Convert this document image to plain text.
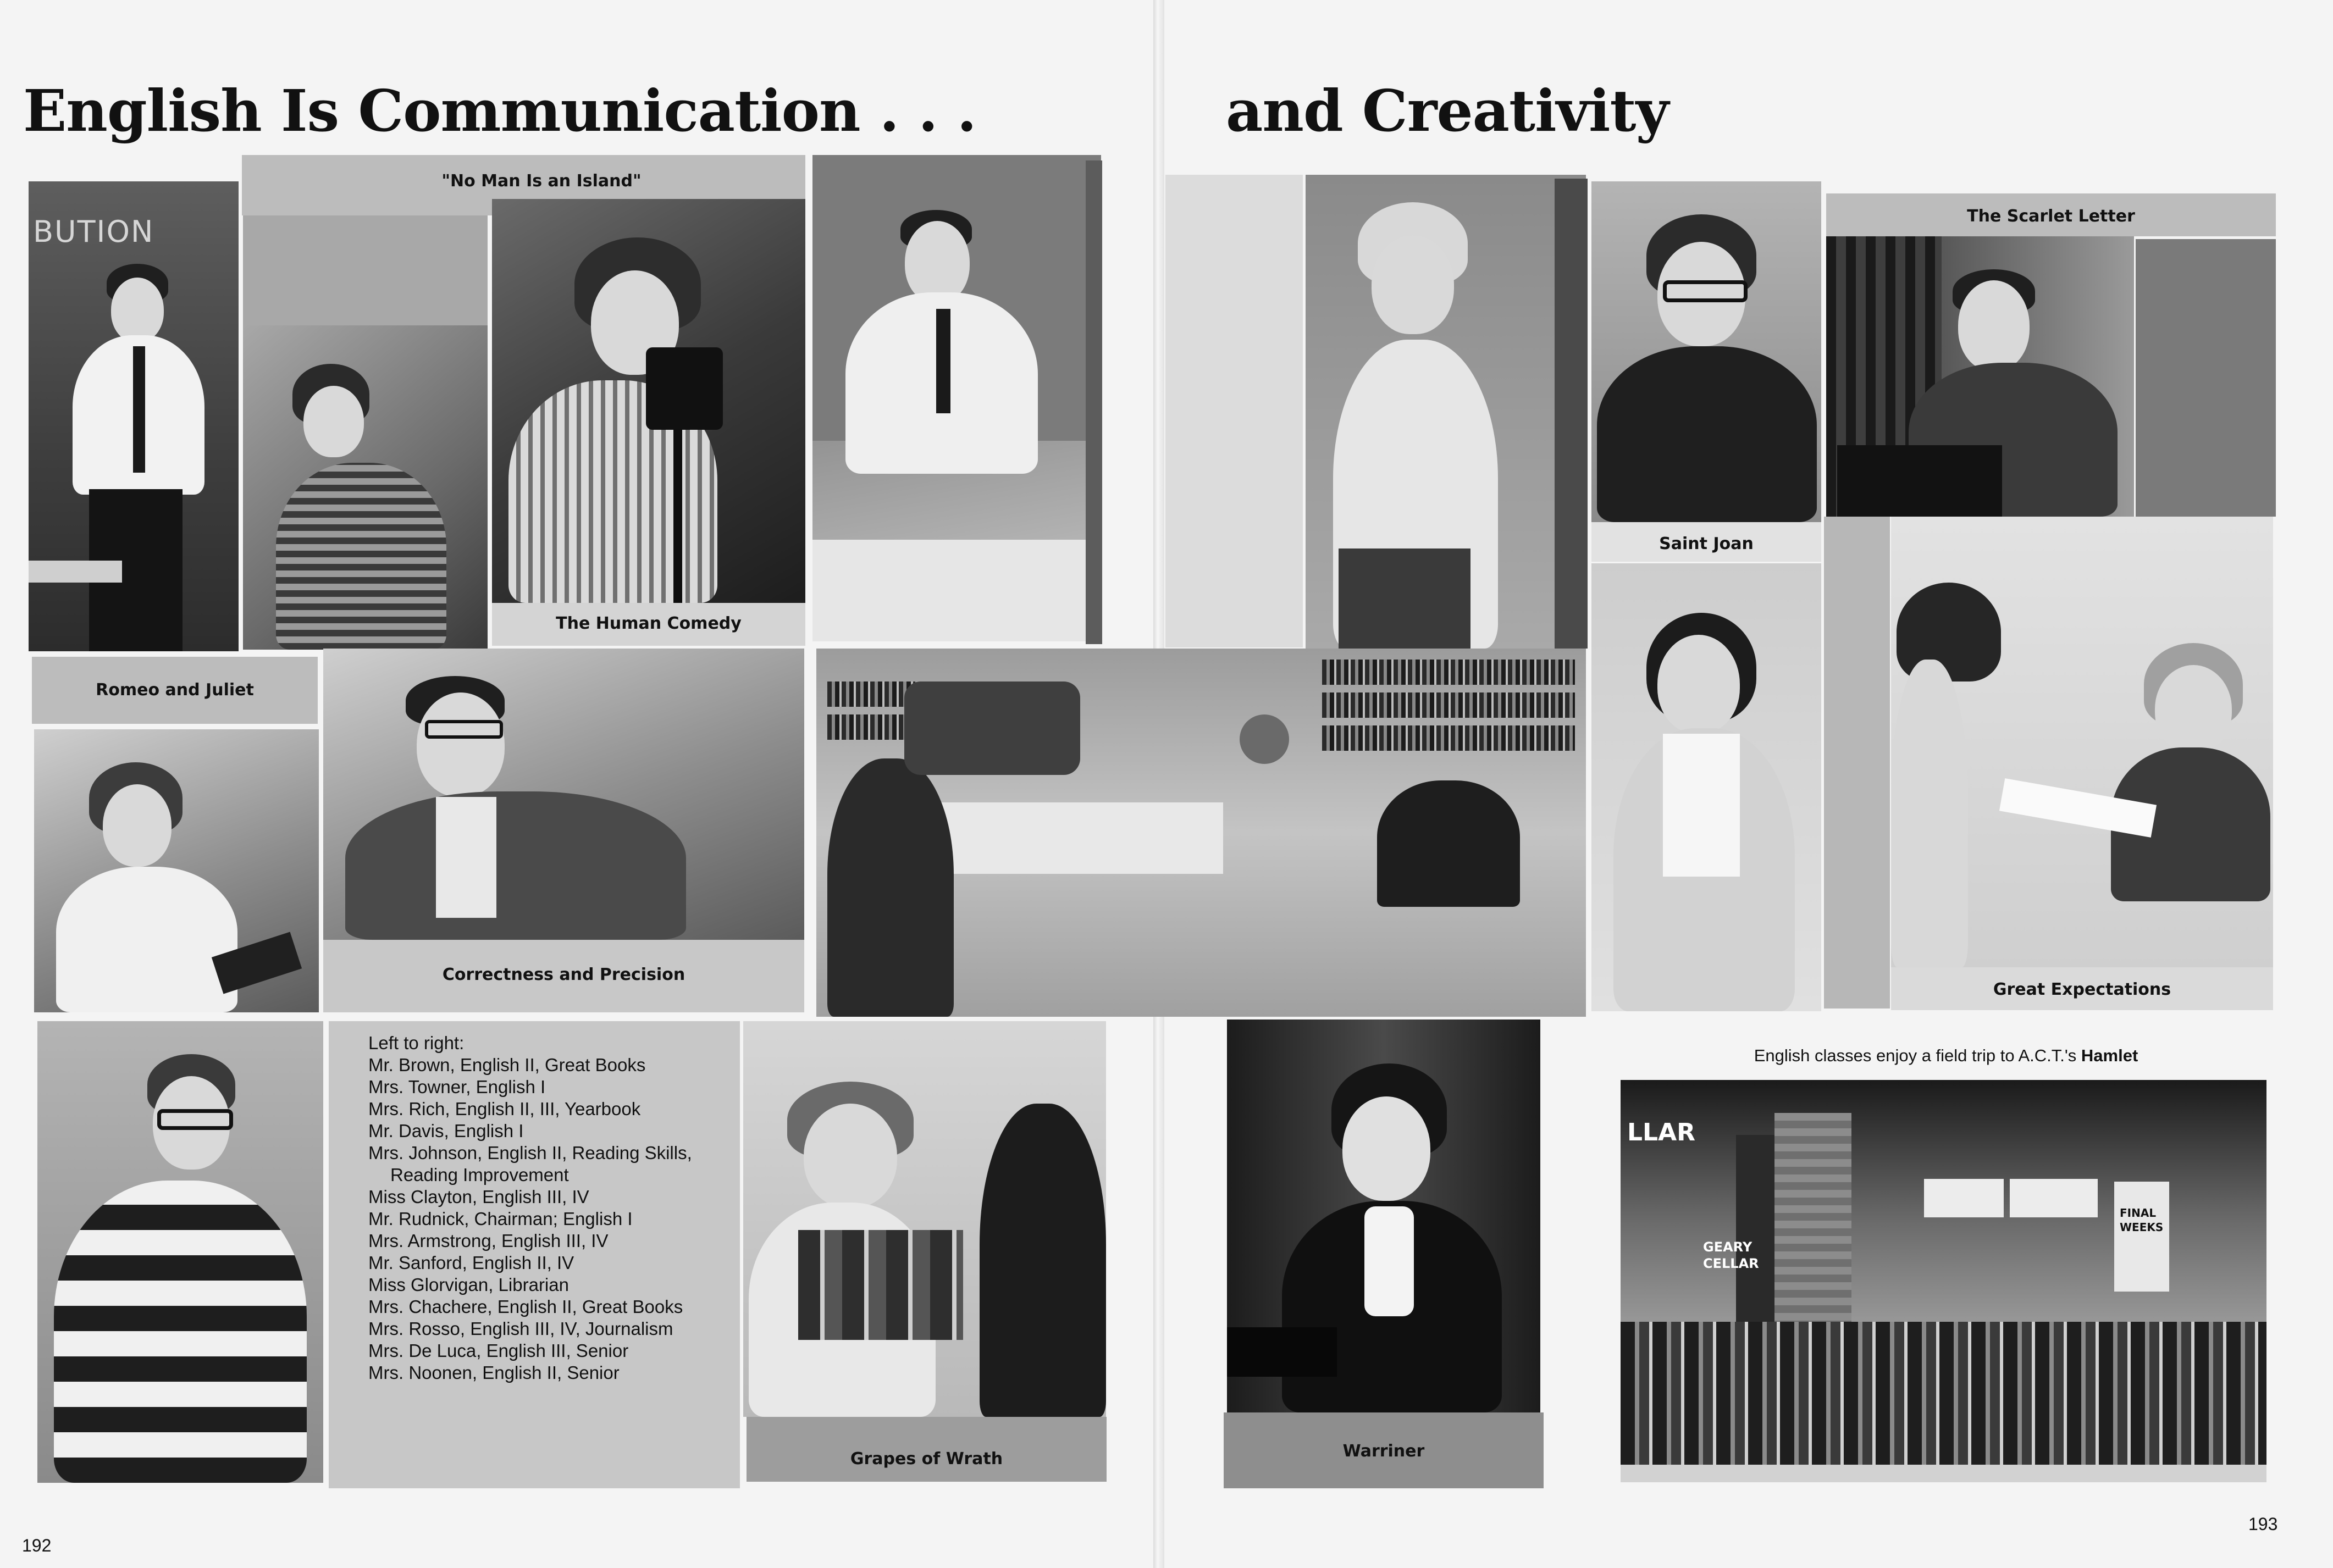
English Is Communication . . .
BUTION
"No Man Is an Island"
The Human Comedy
Romeo and Juliet
Correctness and Precision
Left to right:
Mr. Brown, English II, Great Books
Mrs. Towner, English I
Mrs. Rich, English II, III, Yearbook
Mr. Davis, English I
Mrs. Johnson, English II, Reading Skills,
Reading Improvement
Miss Clayton, English III, IV
Mr. Rudnick, Chairman; English I
Mrs. Armstrong, English III, IV
Mr. Sanford, English II, IV
Miss Glorvigan, Librarian
Mrs. Chachere, English II, Great Books
Mrs. Rosso, English III, IV, Journalism
Mrs. De Luca, English III, Senior
Mrs. Noonen, English II, Senior
Grapes of Wrath
192
and Creativity
Saint Joan
The Scarlet Letter
Great Expectations
Warriner
English classes enjoy a field trip to A.C.T.'s Hamlet
LLAR
GEARY
CELLAR
FINAL
WEEKS
193
